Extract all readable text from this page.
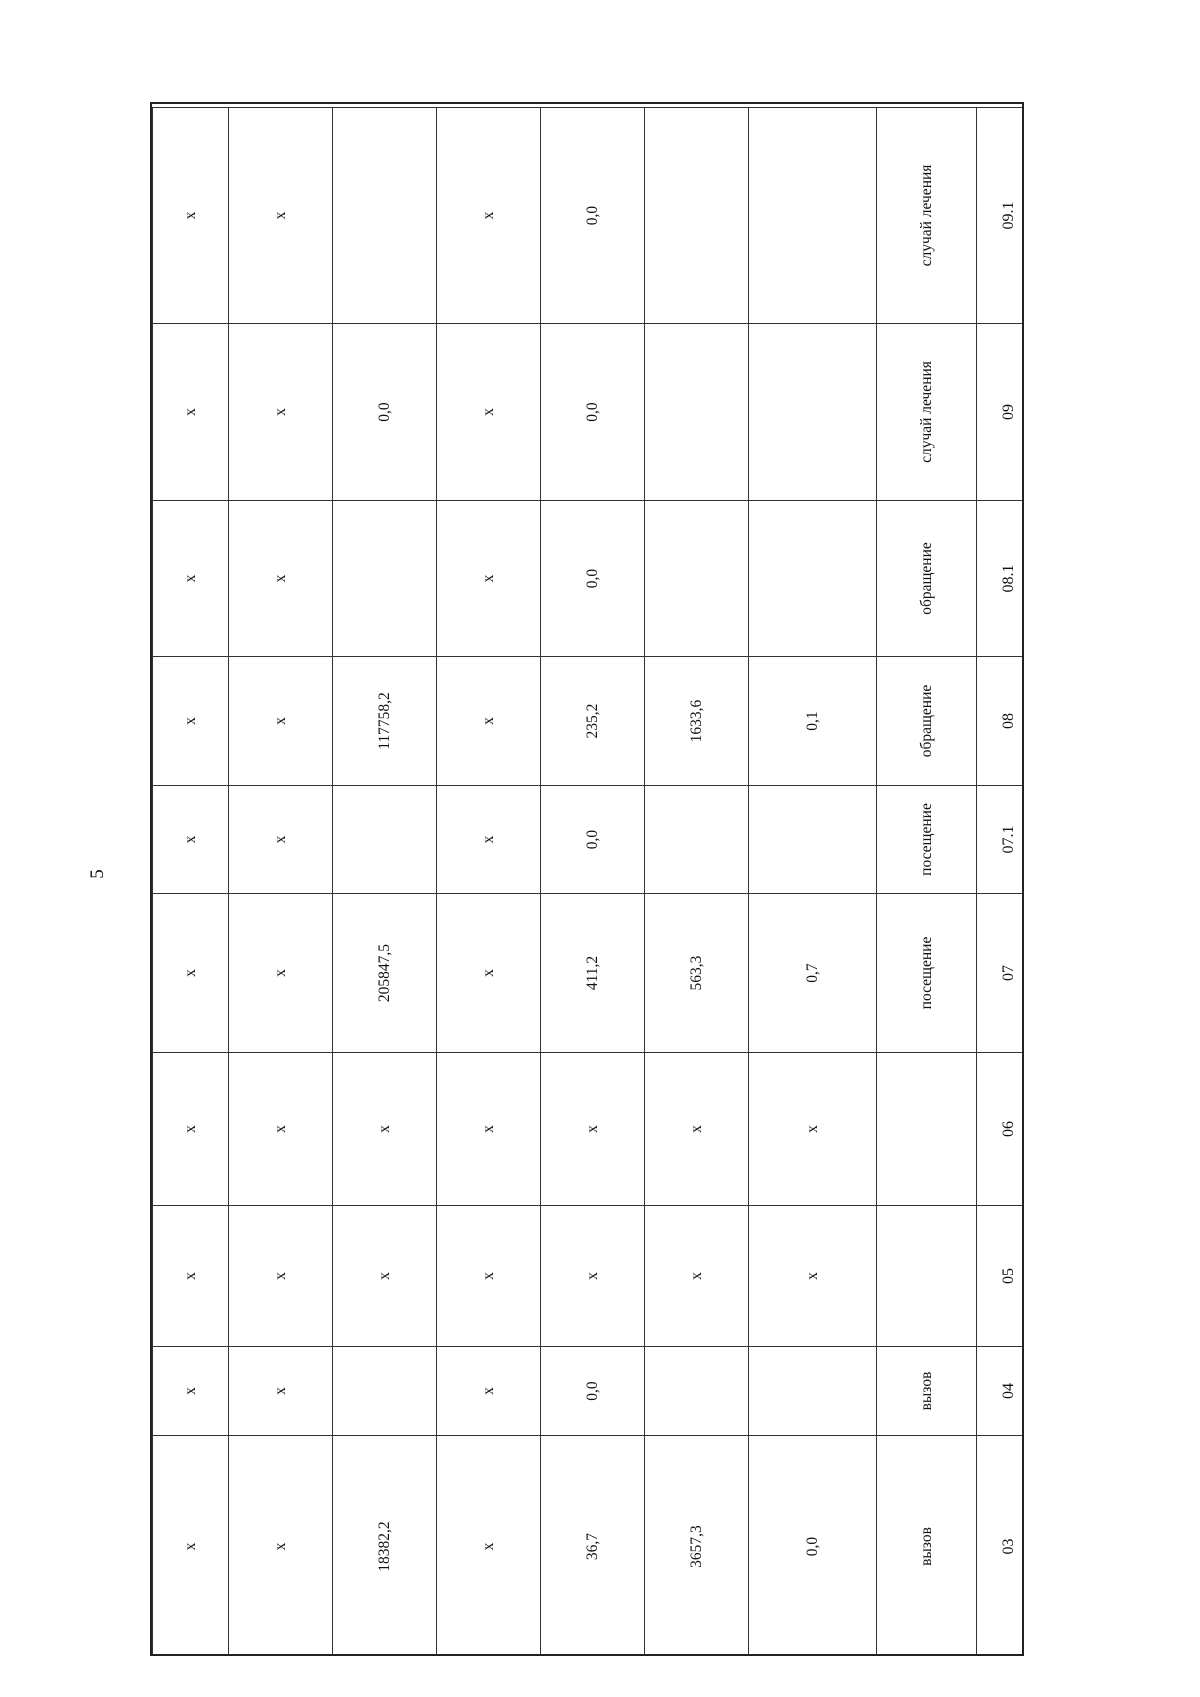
5
х	х	х	х	х	х	х	х	х	х						
х	х	х	х	х	х	х	х	х	х						
18382,2		х	х	205847,5		117758,2		0,0							
х	х	х	х	х	х	х	х	х	х						
36,7	0,0	х	х	411,2	0,0	235,2	0,0	0,0	0,0						
3657,3		х	х	563,3		1633,6									
0,0		х	х	0,7		0,1									
вызов	вызов			посещение	посещение	обращение	обращение	случай лечения	случай лечения						
03	04	05	06	07	07.1	08	08.1	09	09.1						
